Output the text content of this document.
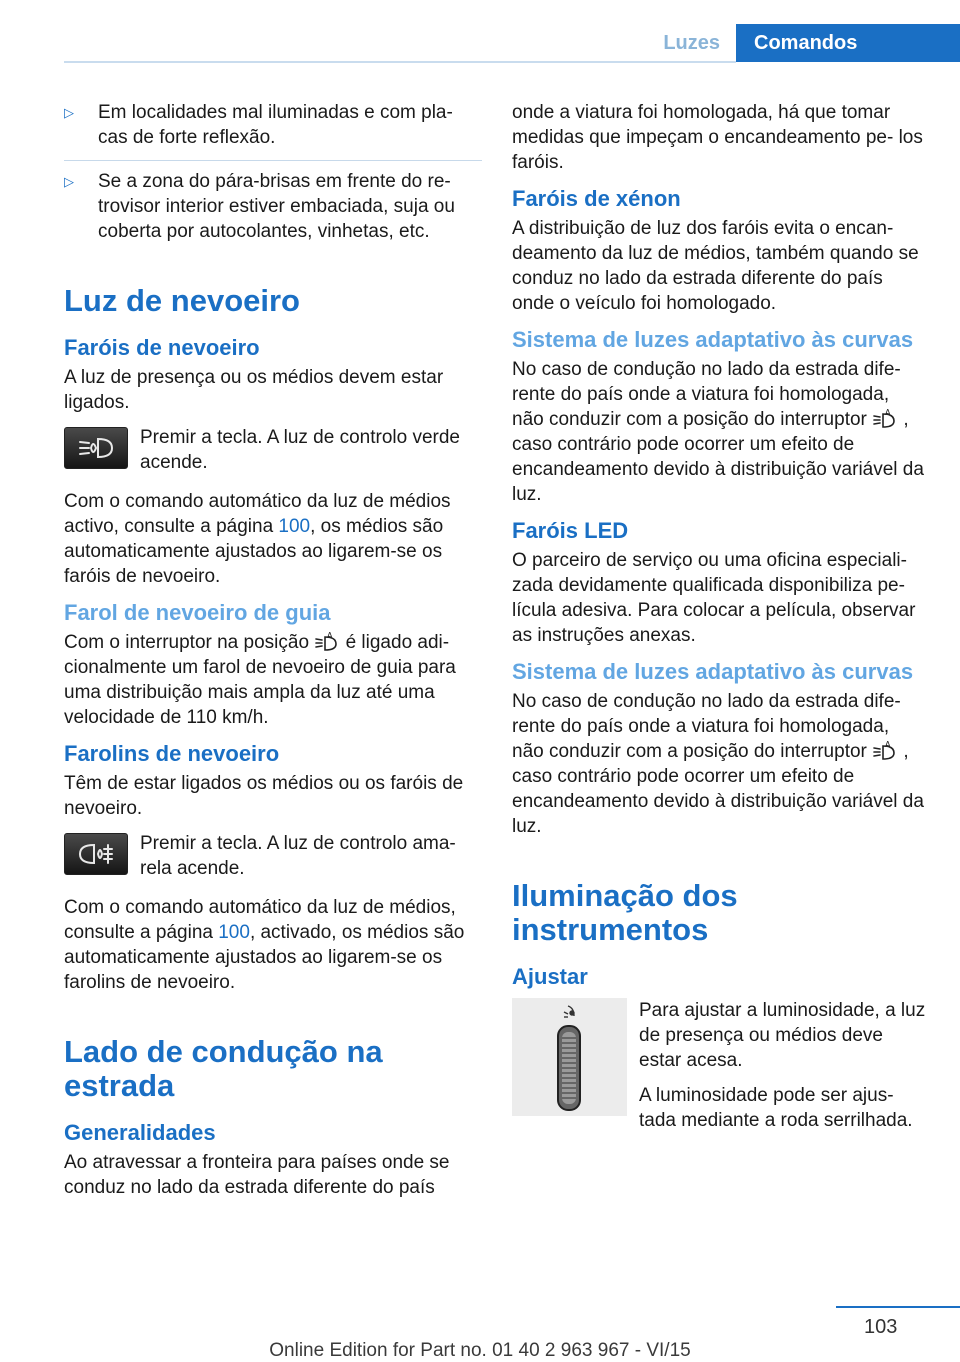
Luzes	Comandos
▷ Em localidades mal iluminadas e com pla‐ cas de forte reflexão.
▷ Se a zona do pára-brisas em frente do re‐ trovisor interior estiver embaciada, suja ou coberta por autocolantes, vinhetas, etc.
Luz de nevoeiro
Faróis de nevoeiro

A luz de presença ou os médios devem estar ligados.

Premir a tecla. A luz de controlo verde acende.

Com o comando automático da luz de médios activo, consulte a página 100, os médios são automaticamente ajustados ao ligarem-se os faróis de nevoeiro.

Farol de nevoeiro de guia

Com o interruptor na posição A é ligado adi‐ cionalmente um farol de nevoeiro de guia para uma distribuição mais ampla da luz até uma velocidade de 110 km/h.

Farolins de nevoeiro

Têm de estar ligados os médios ou os faróis de nevoeiro.

Premir a tecla. A luz de controlo ama‐ rela acende.

Com o comando automático da luz de médios, consulte a página 100, activado, os médios são automaticamente ajustados ao ligarem-se os farolins de nevoeiro.

Lado de condução na estrada
Generalidades

Ao atravessar a fronteira para países onde se conduz no lado da estrada diferente do país

onde a viatura foi homologada, há que tomar medidas que impeçam o encandeamento pe‐ los faróis.

Faróis de xénon

A distribuição de luz dos faróis evita o encan‐ deamento da luz de médios, também quando se conduz no lado da estrada diferente do país onde o veículo foi homologado.

Sistema de luzes adaptativo às curvas

No caso de condução no lado da estrada dife‐ rente do país onde a viatura foi homologada, não conduzir com a posição do interruptor A , caso contrário pode ocorrer um efeito de encandeamento devido à distribuição variável da luz.

Faróis LED

O parceiro de serviço ou uma oficina especiali‐ zada devidamente qualificada disponibiliza pe‐ lícula adesiva. Para colocar a película, observar as instruções anexas.

Sistema de luzes adaptativo às curvas

No caso de condução no lado da estrada dife‐ rente do país onde a viatura foi homologada, não conduzir com a posição do interruptor A , caso contrário pode ocorrer um efeito de encandeamento devido à distribuição variável da luz.

Iluminação dos instrumentos
Ajustar

Para ajustar a luminosidade, a luz de presença ou médios deve estar acesa.

A luminosidade pode ser ajus‐ tada mediante a roda serrilhada.

103
Online Edition for Part no. 01 40 2 963 967 - VI/15
